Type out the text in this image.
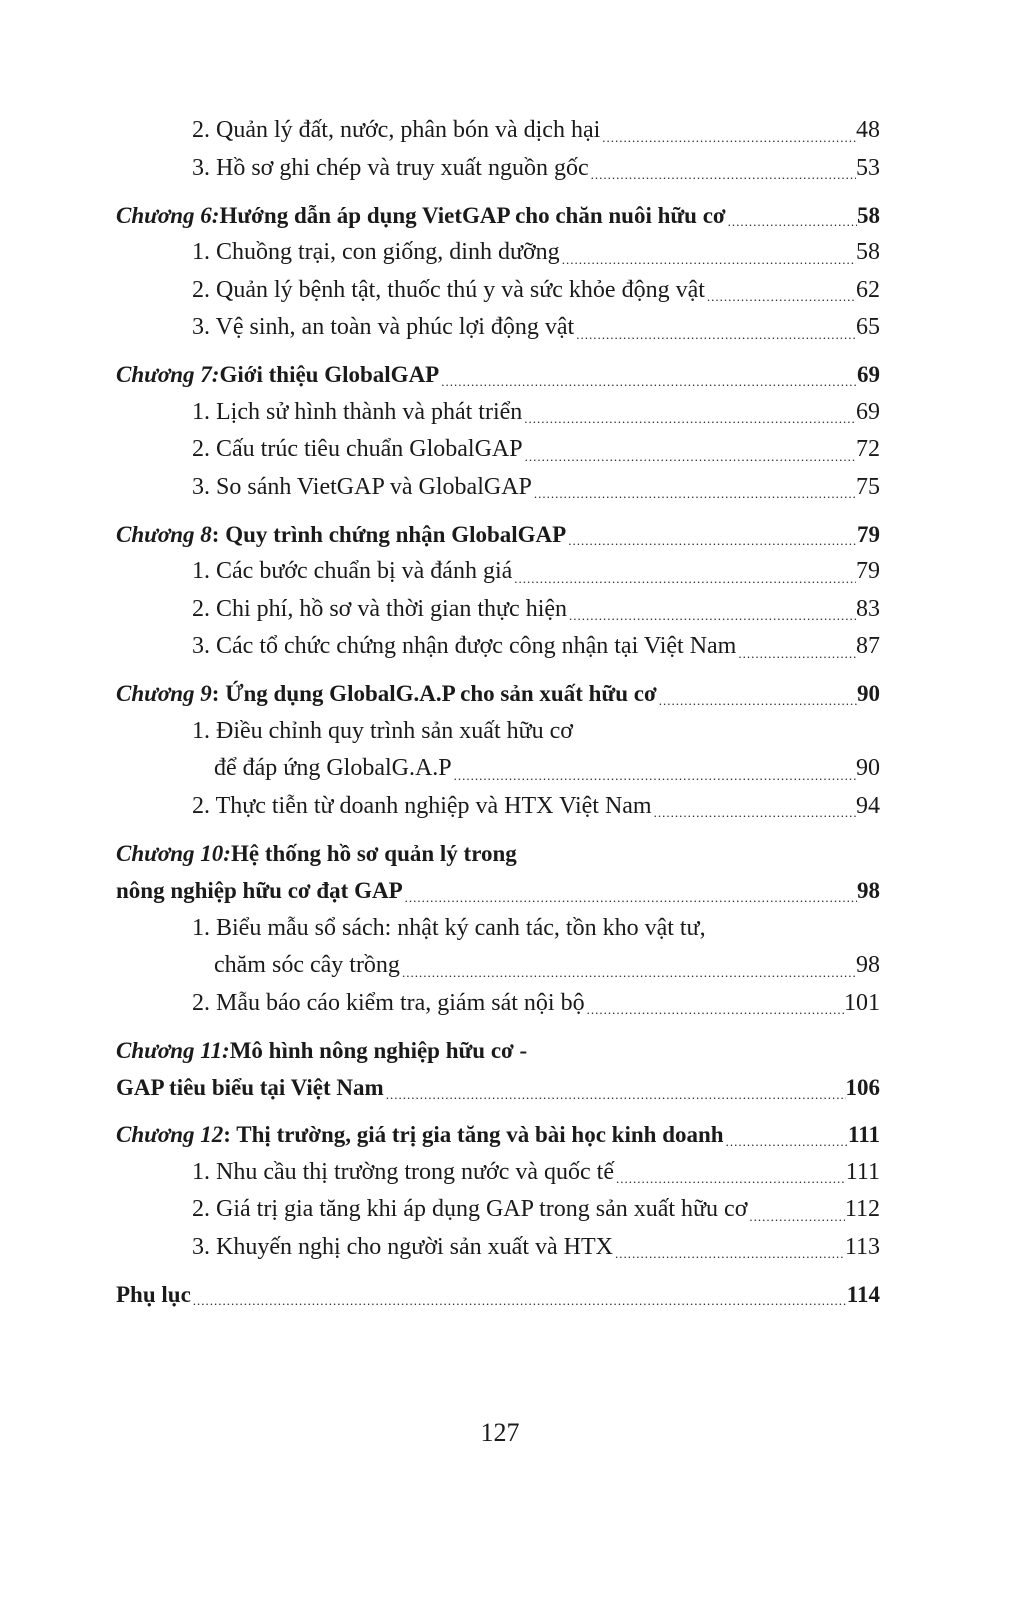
2. Quản lý đất, nước, phân bón và dịch hại .....	48
3. Hồ sơ ghi chép và truy xuất nguồn gốc .....	53
Chương 6: Hướng dẫn áp dụng VietGAP cho chăn nuôi hữu cơ .....	58
1. Chuồng trại, con giống, dinh dưỡng .....	58
2. Quản lý bệnh tật, thuốc thú y và sức khỏe động vật .....	62
3. Vệ sinh, an toàn và phúc lợi động vật .....	65
Chương 7: Giới thiệu GlobalGAP .....	69
1. Lịch sử hình thành và phát triển .....	69
2. Cấu trúc tiêu chuẩn GlobalGAP .....	72
3. So sánh VietGAP và GlobalGAP .....	75
Chương 8 : Quy trình chứng nhận GlobalGAP .....	79
1. Các bước chuẩn bị và đánh giá .....	79
2. Chi phí, hồ sơ và thời gian thực hiện .....	83
3. Các tổ chức chứng nhận được công nhận tại Việt Nam .....	87
Chương 9 : Ứng dụng GlobalG.A.P cho sản xuất hữu cơ .....	90
1. Điều chỉnh quy trình sản xuất hữu cơ
để đáp ứng GlobalG.A.P .....	90
2. Thực tiễn từ doanh nghiệp và HTX Việt Nam .....	94
Chương 10: Hệ thống hồ sơ quản lý trong
nông nghiệp hữu cơ đạt GAP .....	98
1. Biểu mẫu sổ sách: nhật ký canh tác, tồn kho vật tư,
chăm sóc cây trồng .....	98
2. Mẫu báo cáo kiểm tra, giám sát nội bộ .....	101
Chương 11: Mô hình nông nghiệp hữu cơ -
GAP tiêu biểu tại Việt Nam .....	106
Chương 12 : Thị trường, giá trị gia tăng và bài học kinh doanh .....	111
1. Nhu cầu thị trường trong nước và quốc tế .....	111
2. Giá trị gia tăng khi áp dụng GAP trong sản xuất hữu cơ .....	112
3. Khuyến nghị cho người sản xuất và HTX .....	113
Phụ lục .....	114
127
